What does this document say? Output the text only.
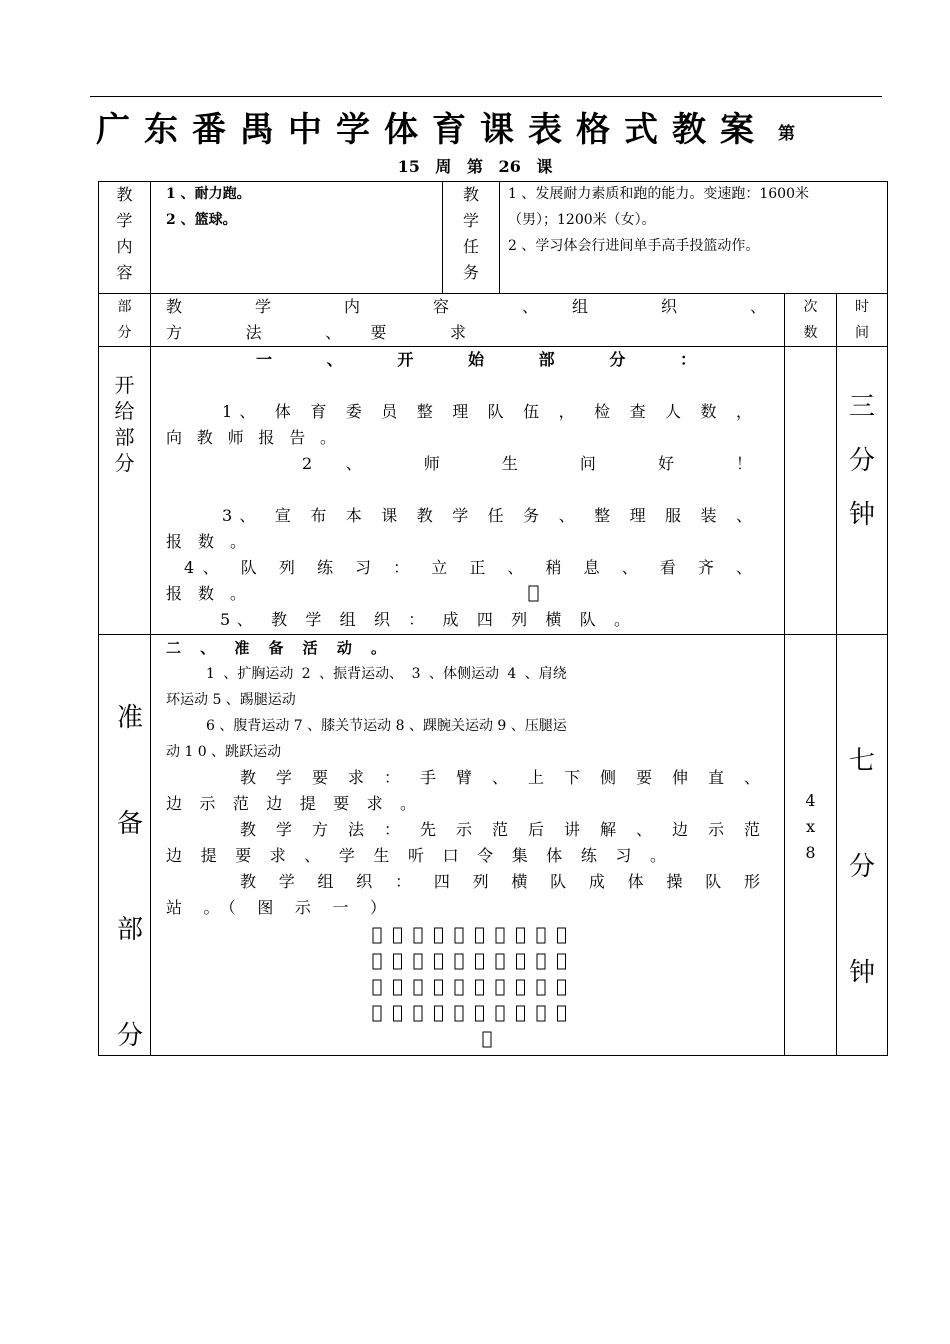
广东番禺中学体育课表格式教案 第
15 周 第 26 课
教
学
内
容
1 、耐力跑。
2 、篮球。
教
学
任
务
1 、发展耐力素质和跑的能力。变速跑：1600米
（男）；1200米（女）。
2 、学习体会行进间单手高手投篮动作。
部
分
教 学 内 容 、组 织 、
方 法 、要 求
次
数
时
间
开
给
部
分
一 、 开 始 部 分 ：
1、 体 育 委 员 整 理 队 伍 ， 检 查 人 数 ，
向 教 师 报 告 。
2 、 师 生 问 好 ！
3、 宣 布 本 课 教 学 任 务 、 整 理 服 装 、
报 数 。
4、 队 列 练 习 ： 立 正 、 稍 息 、 看 齐 、
报 数 。
5、 教 学 组 织 ： 成 四 列 横 队 。
三
分
钟
准
备
部
分
二 、 准 备 活 动 。
1 、扩胸运动 2 、振背运动、 3 、体侧运动 4 、肩绕
环运动 5 、踢腿运动
6 、腹背运动 7 、膝关节运动 8 、踝腕关运动 9 、压腿运
动 1 0 、跳跃运动
教 学 要 求 ： 手 臂 、 上 下 侧 要 伸 直 、
边 示 范 边 提 要 求 。
教 学 方 法 ： 先 示 范 后 讲 解 、 边 示 范
边 提 要 求 、 学 生 听 口 令 集 体 练 习 。
教 学 组 织 ： 四 列 横 队 成 体 操 队 形
站 。（ 图 示 一 ）
4
x
8
七
分
钟
